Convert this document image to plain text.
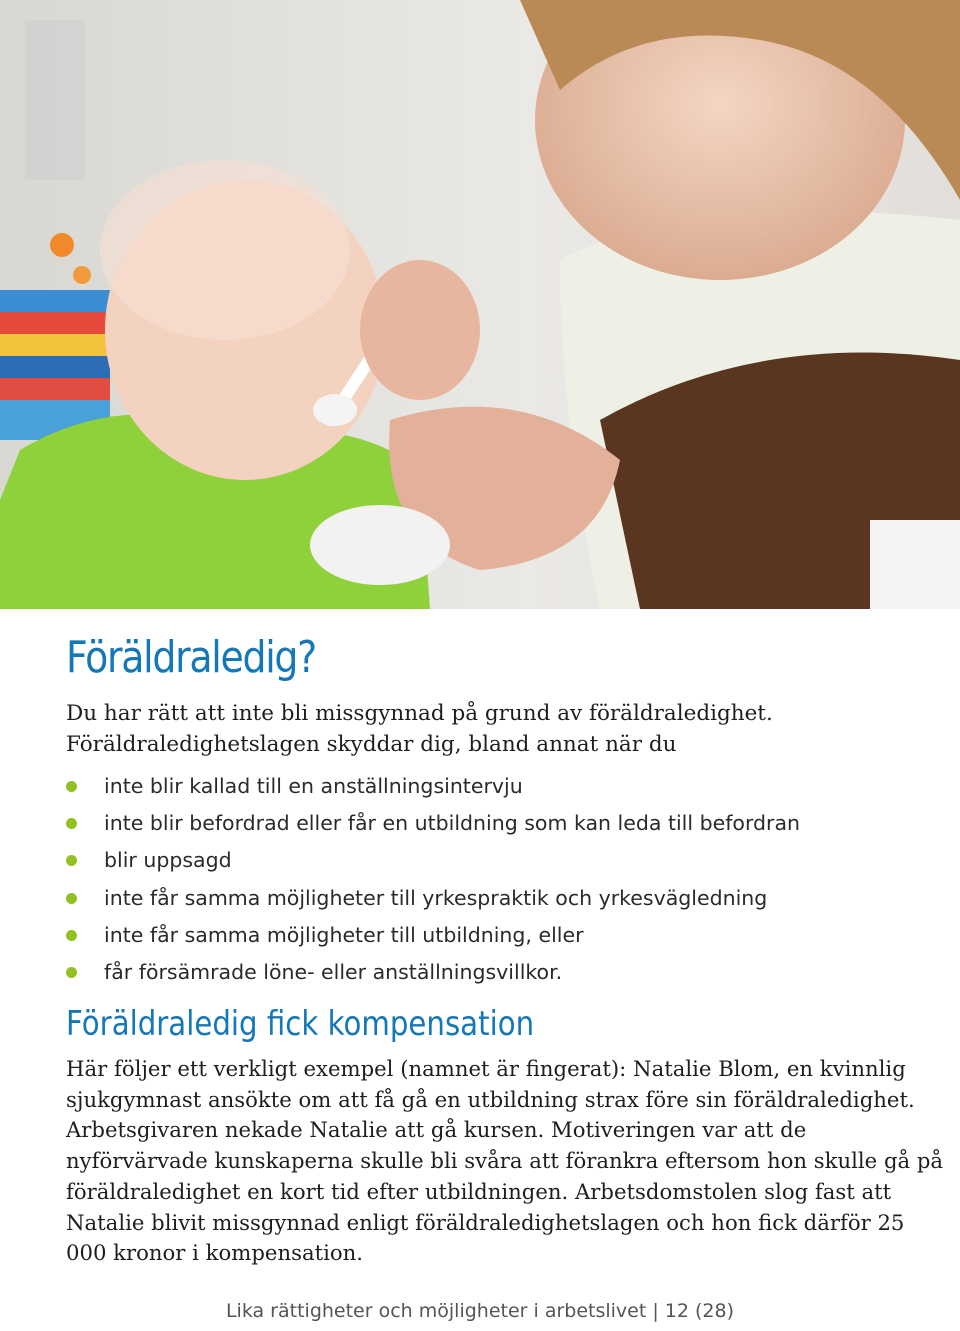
Föräldraledig?

Du har rätt att inte bli missgynnad på grund av föräldraledighet. Föräldraledighetslagen skyddar dig, bland annat när du

inte blir kallad till en anställningsintervju
inte blir befordrad eller får en utbildning som kan leda till befordran
blir uppsagd
inte får samma möjligheter till yrkespraktik och yrkesvägledning
inte får samma möjligheter till utbildning, eller
får försämrade löne- eller anställningsvillkor.
Föräldraledig fick kompensation

Här följer ett verkligt exempel (namnet är fingerat): Natalie Blom, en kvinnlig sjukgymnast ansökte om att få gå en utbildning strax före sin föräldraledighet. Arbetsgivaren nekade Natalie att gå kursen. Motiveringen var att de nyförvärvade kunskaperna skulle bli svåra att förankra eftersom hon skulle gå på föräldraledighet en kort tid efter utbildningen. Arbetsdomstolen slog fast att Natalie blivit missgynnad enligt föräldraledighetslagen och hon fick därför 25 000 kronor i kompensation.

Lika rättigheter och möjligheter i arbetslivet | 12 (28)
